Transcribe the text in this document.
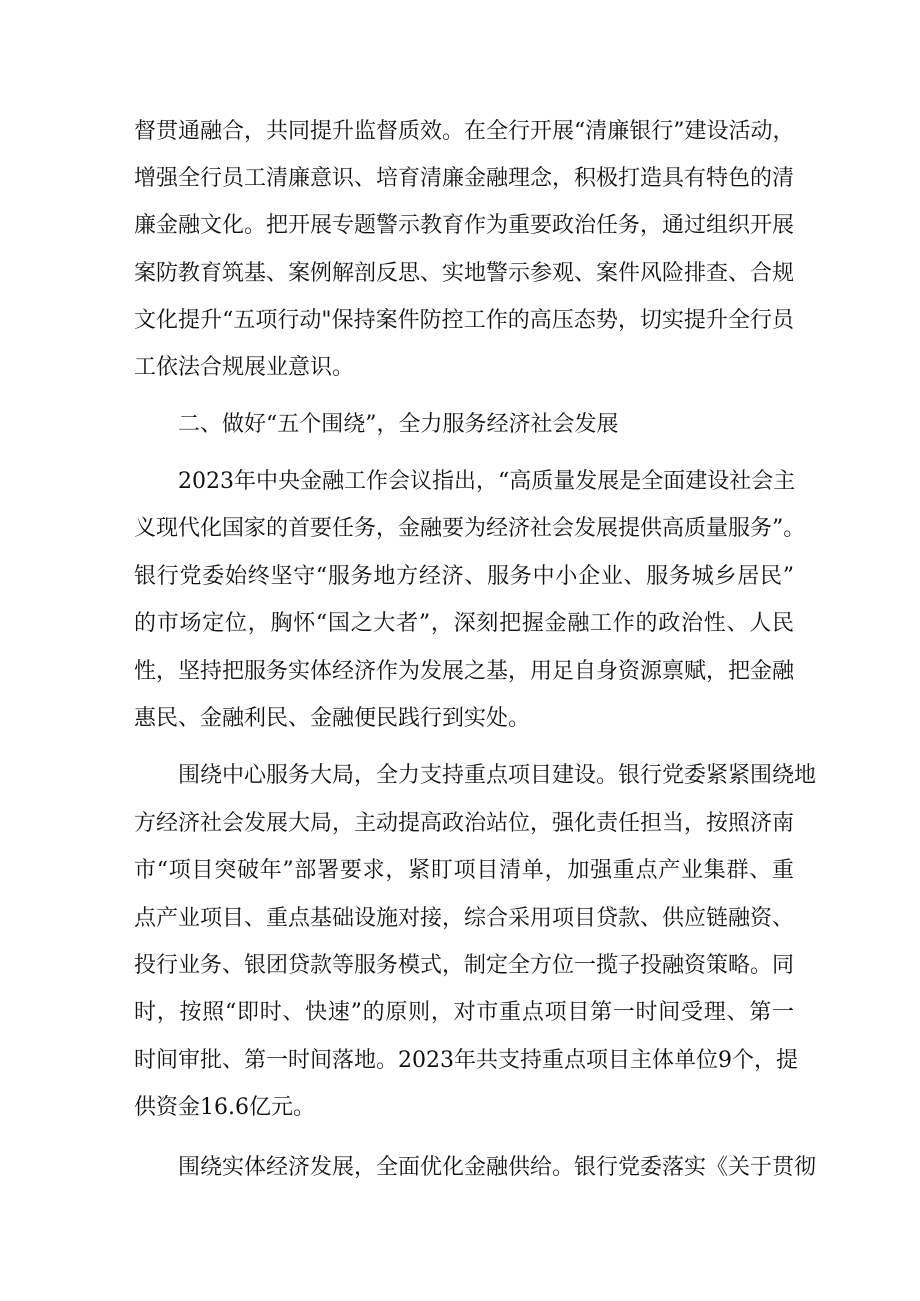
督贯通融合，共同提升监督质效。在全行开展“清廉银行”建设活动，
增强全行员工清廉意识、培育清廉金融理念，积极打造具有特色的清
廉金融文化。把开展专题警示教育作为重要政治任务，通过组织开展
案防教育筑基、案例解剖反思、实地警示参观、案件风险排查、合规
文化提升“五项行动"保持案件防控工作的高压态势，切实提升全行员
工依法合规展业意识。
二、做好“五个围绕”，全力服务经济社会发展
2023年中央金融工作会议指出，“高质量发展是全面建设社会主
义现代化国家的首要任务，金融要为经济社会发展提供高质量服务”。
银行党委始终坚守“服务地方经济、服务中小企业、服务城乡居民”
的市场定位，胸怀“国之大者”，深刻把握金融工作的政治性、人民
性，坚持把服务实体经济作为发展之基，用足自身资源禀赋，把金融
惠民、金融利民、金融便民践行到实处。
围绕中心服务大局，全力支持重点项目建设。银行党委紧紧围绕地
方经济社会发展大局，主动提高政治站位，强化责任担当，按照济南
市“项目突破年”部署要求，紧盯项目清单，加强重点产业集群、重
点产业项目、重点基础设施对接，综合采用项目贷款、供应链融资、
投行业务、银团贷款等服务模式，制定全方位一揽子投融资策略。同
时，按照“即时、快速”的原则，对市重点项目第一时间受理、第一
时间审批、第一时间落地。2023年共支持重点项目主体单位9个，提
供资金16.6亿元。
围绕实体经济发展，全面优化金融供给。银行党委落实《关于贯彻
